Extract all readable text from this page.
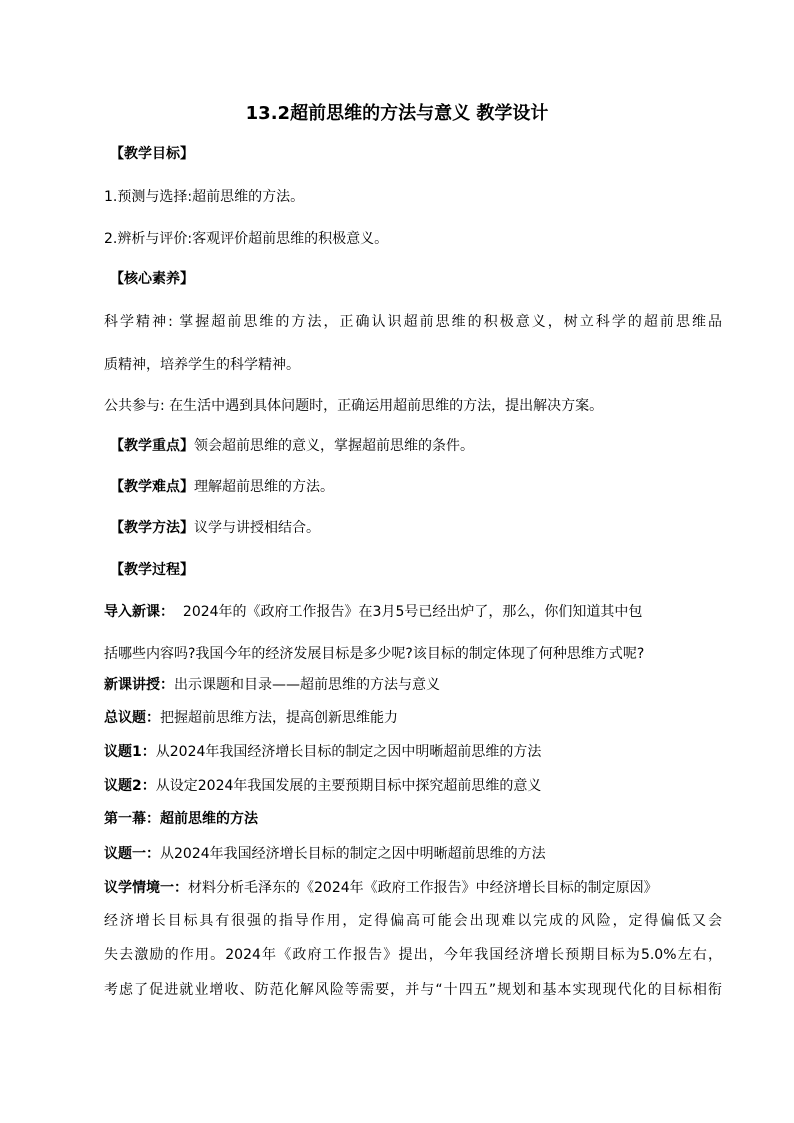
13.2超前思维的方法与意义 教学设计
【教学目标】
1.预测与选择:超前思维的方法。
2.辨析与评价:客观评价超前思维的积极意义。
【核心素养】
科学精神: 掌握超前思维的方法，正确认识超前思维的积极意义，树立科学的超前思维品
质精神，培养学生的科学精神。
公共参与: 在生活中遇到具体问题时，正确运用超前思维的方法，提出解决方案。
【教学重点】领会超前思维的意义，掌握超前思维的条件。
【教学难点】理解超前思维的方法。
【教学方法】议学与讲授相结合。
【教学过程】
导入新课： 2024年的《政府工作报告》在3月5号已经出炉了，那么，你们知道其中包
括哪些内容吗?我国今年的经济发展目标是多少呢?该目标的制定体现了何种思维方式呢?
新课讲授：出示课题和目录——超前思维的方法与意义
总议题：把握超前思维方法，提高创新思维能力
议题1：从2024年我国经济增长目标的制定之因中明晰超前思维的方法
议题2：从设定2024年我国发展的主要预期目标中探究超前思维的意义
第一幕：超前思维的方法
议题一：从2024年我国经济增长目标的制定之因中明晰超前思维的方法
议学情境一：材料分析毛泽东的《2024年《政府工作报告》中经济增长目标的制定原因》
经济增长目标具有很强的指导作用，定得偏高可能会出现难以完成的风险，定得偏低又会
失去激励的作用。2024年《政府工作报告》提出，今年我国经济增长预期目标为5.0%左右，
考虑了促进就业增收、防范化解风险等需要，并与“十四五”规划和基本实现现代化的目标相衔
